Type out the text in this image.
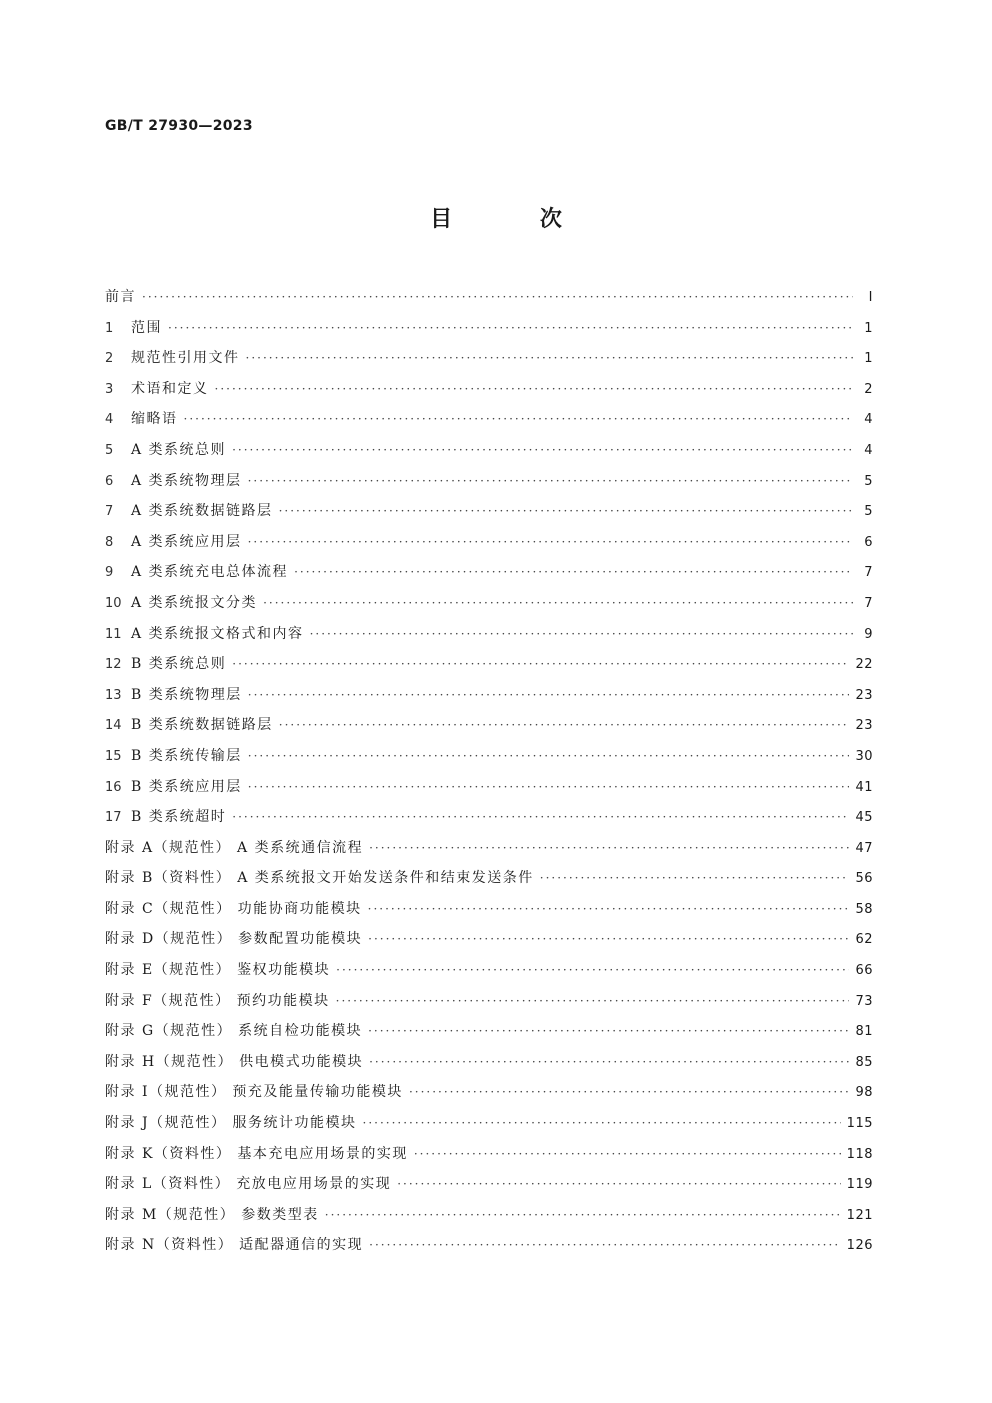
GB/T 27930—2023
目 次
前言 ·····	Ⅰ
1	范围 ·····	1
2	规范性引用文件 ·····	1
3	术语和定义 ·····	2
4	缩略语 ·····	4
5	A 类系统总则 ·····	4
6	A 类系统物理层 ·····	5
7	A 类系统数据链路层 ·····	5
8	A 类系统应用层 ·····	6
9	A 类系统充电总体流程 ·····	7
10 A 类系统报文分类 ·····	7
11 A 类系统报文格式和内容 ·····	9
12 B 类系统总则 ·····	22
13 B 类系统物理层 ·····	23
14 B 类系统数据链路层 ·····	23
15 B 类系统传输层 ·····	30
16 B 类系统应用层 ·····	41
17 B 类系统超时 ·····	45
附录 A（规范性） A 类系统通信流程 ·····	47
附录 B（资料性） A 类系统报文开始发送条件和结束发送条件 ·····	56
附录 C（规范性） 功能协商功能模块 ·····	58
附录 D（规范性） 参数配置功能模块 ·····	62
附录 E（规范性） 鉴权功能模块 ·····	66
附录 F（规范性） 预约功能模块 ·····	73
附录 G（规范性） 系统自检功能模块 ·····	81
附录 H（规范性） 供电模式功能模块 ·····	85
附录 I（规范性） 预充及能量传输功能模块 ·····	98
附录 J（规范性） 服务统计功能模块 ·····	115
附录 K（资料性） 基本充电应用场景的实现 ·····	118
附录 L（资料性） 充放电应用场景的实现 ·····	119
附录 M（规范性） 参数类型表 ·····	121
附录 N（资料性） 适配器通信的实现 ·····	126
